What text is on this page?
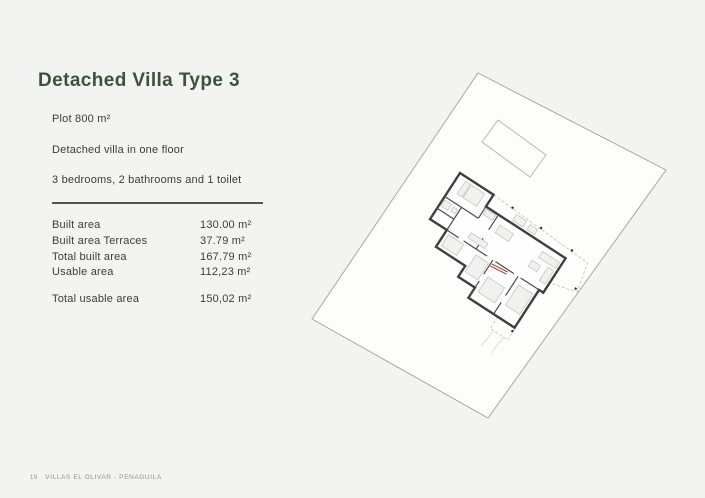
Detached Villa Type 3

Plot 800 m²

Detached villa in one floor

3 bedrooms, 2 bathrooms and 1 toilet

Built area	130.00 m²
Built area Terraces	37.79 m²
Total built area	167.79 m²
Usable area	112,23 m²
Total usable area	150,02 m²
19 VILLAS EL OLIVAR - PENAGUILA
